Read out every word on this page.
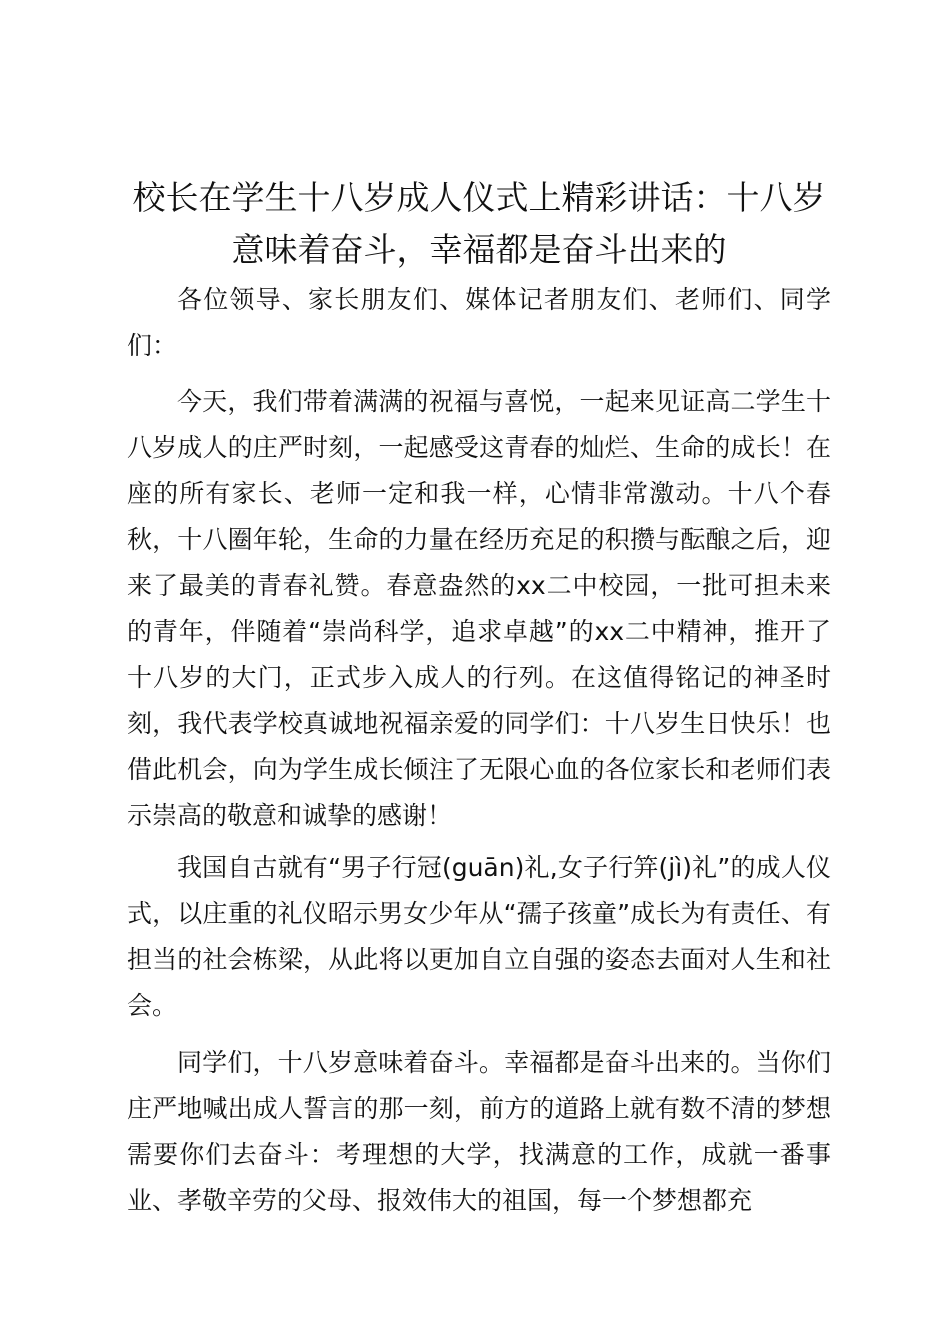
校长在学生十八岁成人仪式上精彩讲话：十八岁意味着奋斗，幸福都是奋斗出来的

各位领导、家长朋友们、媒体记者朋友们、老师们、同学们：

今天，我们带着满满的祝福与喜悦，一起来见证高二学生十八岁成人的庄严时刻，一起感受这青春的灿烂、生命的成长！在座的所有家长、老师一定和我一样，心情非常激动。十八个春秋，十八圈年轮，生命的力量在经历充足的积攒与酝酿之后，迎来了最美的青春礼赞。春意盎然的xx二中校园，一批可担未来的青年，伴随着“崇尚科学，追求卓越”的xx二中精神，推开了十八岁的大门，正式步入成人的行列。在这值得铭记的神圣时刻，我代表学校真诚地祝福亲爱的同学们：十八岁生日快乐！也借此机会，向为学生成长倾注了无限心血的各位家长和老师们表示崇高的敬意和诚挚的感谢！

我国自古就有“男子行冠(guān)礼,女子行笄(jì)礼”的成人仪式，以庄重的礼仪昭示男女少年从“孺子孩童”成长为有责任、有担当的社会栋梁，从此将以更加自立自强的姿态去面对人生和社会。

同学们，十八岁意味着奋斗。幸福都是奋斗出来的。当你们庄严地喊出成人誓言的那一刻，前方的道路上就有数不清的梦想需要你们去奋斗：考理想的大学，找满意的工作，成就一番事业、孝敬辛劳的父母、报效伟大的祖国，每一个梦想都充
